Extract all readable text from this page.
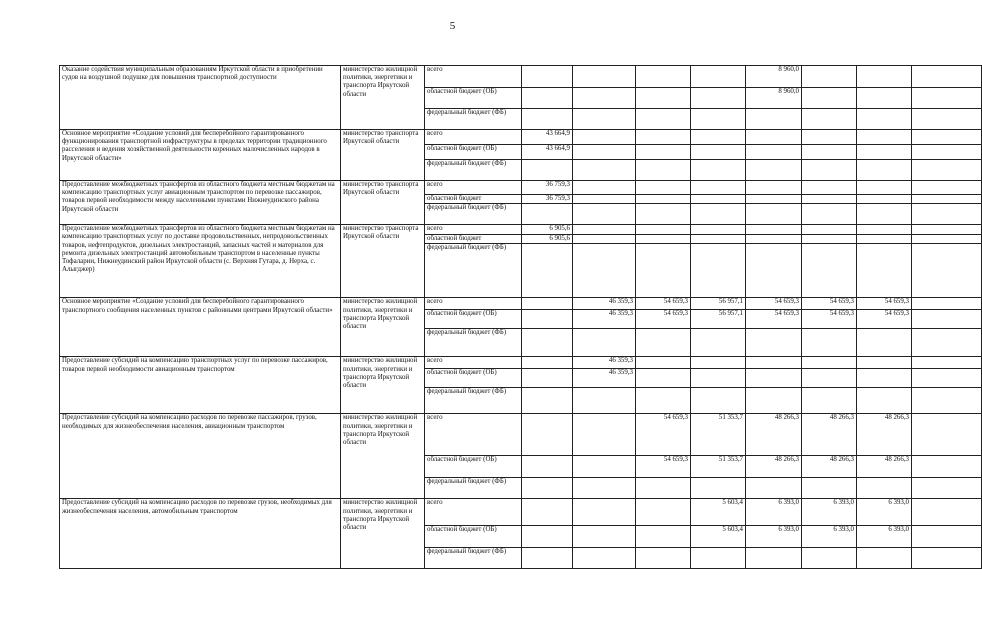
5
Оказание содействия муниципальным образованиям Иркутской области в приобретении судов на воздушной подушке для повышения транспортной доступности	министерство жилищной политики, энергетики и транспорта Иркутской области	всего					8 960,0			
		областной бюджет (ОБ)					8 960,0			
		федеральный бюджет (ФБ)								
Основное мероприятие «Создание условий для бесперебойного гарантированного функционирования транспортной инфраструктуры в пределах территории традиционного расселения и ведения хозяйственной деятельности коренных малочисленных народов в Иркутской области»	министерство транспорта Иркутской области	всего	43 664,9							
		областной бюджет (ОБ)	43 664,9							
		федеральный бюджет (ФБ)								
Предоставление межбюджетных трансфертов из областного бюджета местным бюджетам на компенсацию транспортных услуг авиационным транспортом по перевозке пассажиров, товаров первой необходимости между населенными пунктами Нижнеудинского района Иркутской области	министерство транспорта Иркутской области	всего	36 759,3							
		областной бюджет	36 759,3							
		федеральный бюджет (ФБ)								
Предоставление межбюджетных трансфертов из областного бюджета местным бюджетам на компенсацию транспортных услуг по доставке продовольственных, непродовольственных товаров, нефтепродуктов, дизельных электростанций, запасных частей и материалов для ремонта дизельных электростанций автомобильным транспортом в населенные пункты Тофаларии, Нижнеудинский район Иркутской области (с. Верхняя Гутара, д. Нерха, с. Алыгджер)	министерство транспорта Иркутской области	всего	6 905,6							
		областной бюджет	6 905,6							
		федеральный бюджет (ФБ)								
Основное мероприятие «Создание условий для бесперебойного гарантированного транспортного сообщения населенных пунктов с районными центрами Иркутской области»	министерство жилищной политики, энергетики и транспорта Иркутской области	всего		46 359,3	54 659,3	56 957,1	54 659,3	54 659,3	54 659,3	
		областной бюджет (ОБ)		46 359,3	54 659,3	56 957,1	54 659,3	54 659,3	54 659,3	
		федеральный бюджет (ФБ)								
Предоставление субсидий на компенсацию транспортных услуг по перевозке пассажиров, товаров первой необходимости авиационным транспортом	министерство жилищной политики, энергетики и транспорта Иркутской области	всего		46 359,3						
		областной бюджет (ОБ)		46 359,3						
		федеральный бюджет (ФБ)								
Предоставление субсидий на компенсацию расходов по перевозке пассажиров, грузов, необходимых для жизнеобеспечения населения, авиационным транспортом	министерство жилищной политики, энергетики и транспорта Иркутской области	всего			54 659,3	51 353,7	48 266,3	48 266,3	48 266,3	
		областной бюджет (ОБ)			54 659,3	51 353,7	48 266,3	48 266,3	48 266,3	
		федеральный бюджет (ФБ)								
Предоставление субсидий на компенсацию расходов по перевозке грузов, необходимых для жизнеобеспечения населения, автомобильным транспортом	министерство жилищной политики, энергетики и транспорта Иркутской области	всего				5 603,4	6 393,0	6 393,0	6 393,0	
		областной бюджет (ОБ)				5 603,4	6 393,0	6 393,0	6 393,0	
		федеральный бюджет (ФБ)								
